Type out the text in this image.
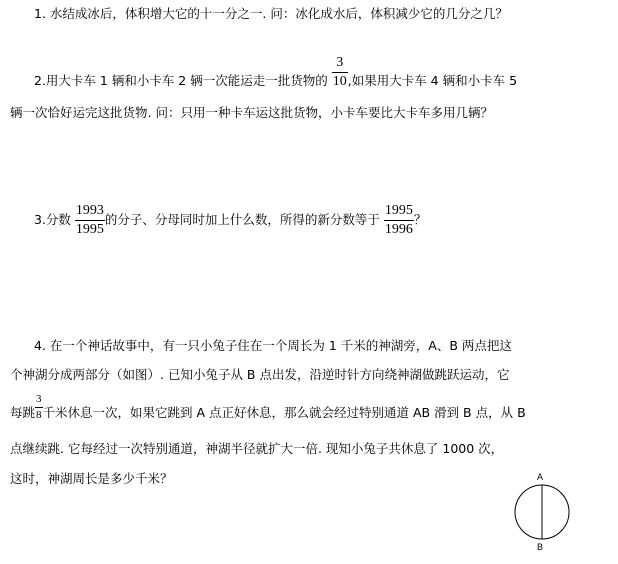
1. 水结成冰后，体积增大它的十一分之一. 问：冰化成水后，体积减少它的几分之几？
2.用大卡车 1 辆和小卡车 2 辆一次能运走一批货物的 $\frac{3}{10}$ ,如果用大卡车 4 辆和小卡车 5
辆一次恰好运完这批货物. 问：只用一种卡车运这批货物，小卡车要比大卡车多用几辆？
3.分数 $\frac{1993}{1995}$ 的分子、分母同时加上什么数，所得的新分数等于 $\frac{1995}{1996}$ ？
4. 在一个神话故事中，有一只小兔子住在一个周长为 1 千米的神湖旁，A、B 两点把这
个神湖分成两部分（如图）. 已知小兔子从 B 点出发，沿逆时针方向绕神湖做跳跃运动，它
每跳 $\frac{3}{8}$ 千米休息一次，如果它跳到 A 点正好休息，那么就会经过特别通道 AB 滑到 B 点，从 B
点继续跳. 它每经过一次特别通道，神湖半径就扩大一倍. 现知小兔子共休息了 1000 次，
这时，神湖周长是多少千米？	A
B
